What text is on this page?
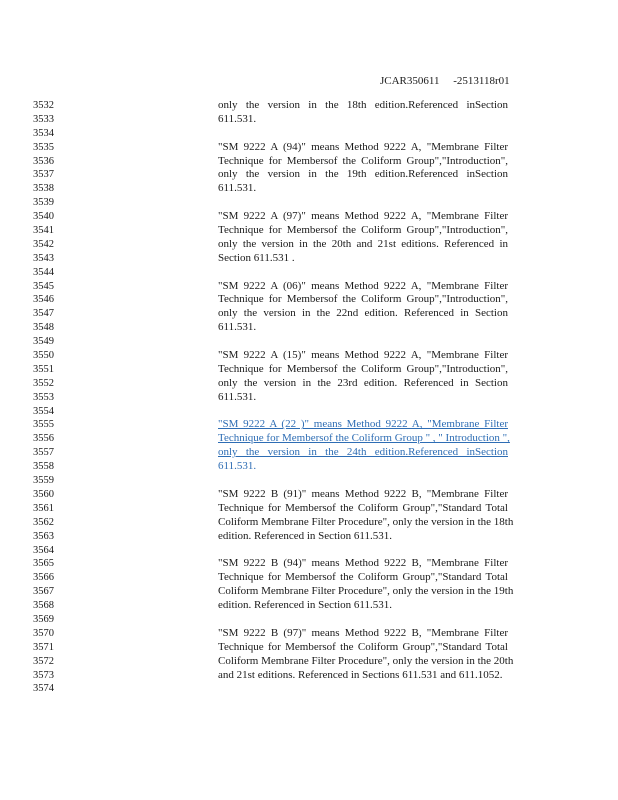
JCAR350611 -2513118r01
3532
3533
3534
3535
3536
3537
3538
3539
3540
3541
3542
3543
3544
3545
3546
3547
3548
3549
3550
3551
3552
3553
3554
3555
3556
3557
3558
3559
3560
3561
3562
3563
3564
3565
3566
3567
3568
3569
3570
3571
3572
3573
3574
only the version in the 18th edition.Referenced inSection
611.531.

"SM 9222 A (94)" means Method 9222 A, "Membrane Filter
Technique for Membersof the Coliform Group","Introduction",
only the version in the 19th edition.Referenced inSection
611.531.

"SM 9222 A (97)" means Method 9222 A, "Membrane Filter
Technique for Membersof the Coliform Group","Introduction",
only the version in the 20th and 21st editions. Referenced in
Section 611.531 .

"SM 9222 A (06)" means Method 9222 A, "Membrane Filter
Technique for Membersof the Coliform Group","Introduction",
only the version in the 22nd edition. Referenced in Section
611.531.

"SM 9222 A (15)" means Method 9222 A, "Membrane Filter
Technique for Membersof the Coliform Group","Introduction",
only the version in the 23rd edition. Referenced in Section
611.531.

"SM 9222 A (22 )" means Method 9222 A, "Membrane Filter
Technique for Membersof the Coliform Group " , " Introduction ",
only the version in the 24th edition.Referenced inSection
611.531.

"SM 9222 B (91)" means Method 9222 B, "Membrane Filter
Technique for Membersof the Coliform Group","Standard Total
Coliform Membrane Filter Procedure", only the version in the 18th
edition. Referenced in Section 611.531.

"SM 9222 B (94)" means Method 9222 B, "Membrane Filter
Technique for Membersof the Coliform Group","Standard Total
Coliform Membrane Filter Procedure", only the version in the 19th
edition. Referenced in Section 611.531.

"SM 9222 B (97)" means Method 9222 B, "Membrane Filter
Technique for Membersof the Coliform Group","Standard Total
Coliform Membrane Filter Procedure", only the version in the 20th
and 21st editions. Referenced in Sections 611.531 and 611.1052.
